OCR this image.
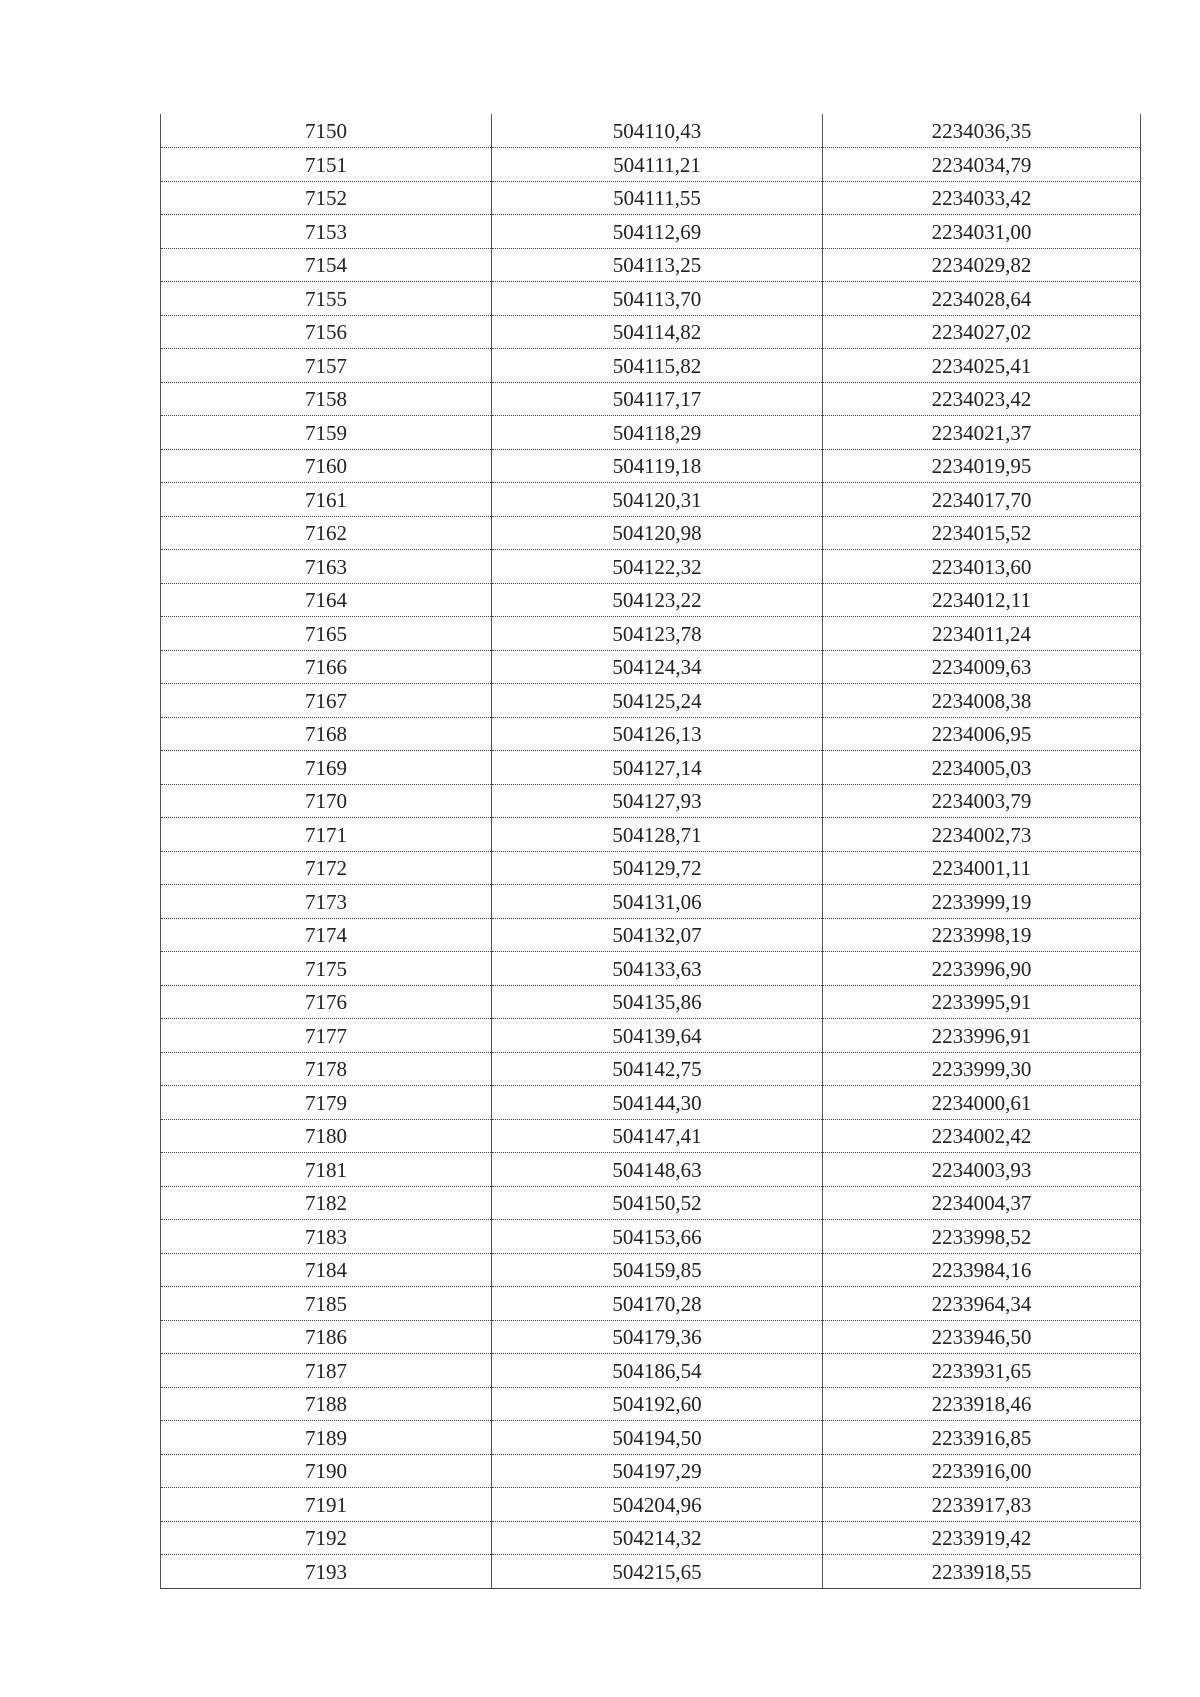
7150	504110,43	2234036,35
7151	504111,21	2234034,79
7152	504111,55	2234033,42
7153	504112,69	2234031,00
7154	504113,25	2234029,82
7155	504113,70	2234028,64
7156	504114,82	2234027,02
7157	504115,82	2234025,41
7158	504117,17	2234023,42
7159	504118,29	2234021,37
7160	504119,18	2234019,95
7161	504120,31	2234017,70
7162	504120,98	2234015,52
7163	504122,32	2234013,60
7164	504123,22	2234012,11
7165	504123,78	2234011,24
7166	504124,34	2234009,63
7167	504125,24	2234008,38
7168	504126,13	2234006,95
7169	504127,14	2234005,03
7170	504127,93	2234003,79
7171	504128,71	2234002,73
7172	504129,72	2234001,11
7173	504131,06	2233999,19
7174	504132,07	2233998,19
7175	504133,63	2233996,90
7176	504135,86	2233995,91
7177	504139,64	2233996,91
7178	504142,75	2233999,30
7179	504144,30	2234000,61
7180	504147,41	2234002,42
7181	504148,63	2234003,93
7182	504150,52	2234004,37
7183	504153,66	2233998,52
7184	504159,85	2233984,16
7185	504170,28	2233964,34
7186	504179,36	2233946,50
7187	504186,54	2233931,65
7188	504192,60	2233918,46
7189	504194,50	2233916,85
7190	504197,29	2233916,00
7191	504204,96	2233917,83
7192	504214,32	2233919,42
7193	504215,65	2233918,55
